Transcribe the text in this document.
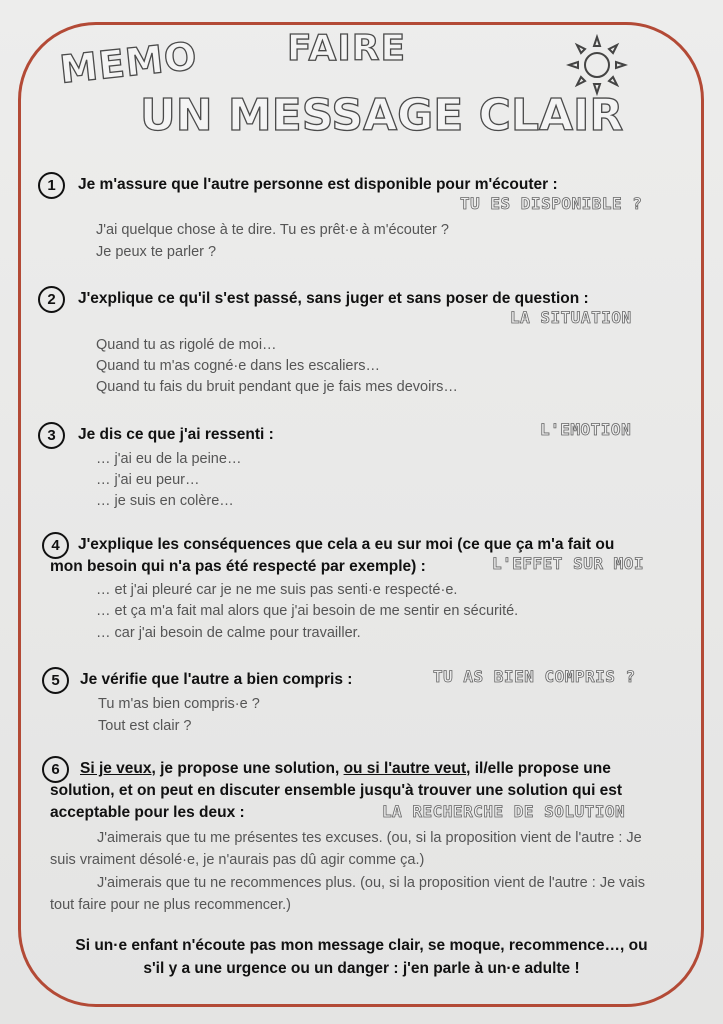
MEMO FAIRE
UN MESSAGE CLAIR
1	Je m'assure que l'autre personne est disponible pour m'écouter :
TU ES DISPONIBLE ?
J'ai quelque chose à te dire. Tu es prêt·e à m'écouter ?
Je peux te parler ?
2	J'explique ce qu'il s'est passé, sans juger et sans poser de question :
LA SITUATION
Quand tu as rigolé de moi…
Quand tu m'as cogné·e dans les escaliers…
Quand tu fais du bruit pendant que je fais mes devoirs…
3	Je dis ce que j'ai ressenti :	L'EMOTION
… j'ai eu de la peine…
… j'ai eu peur…
… je suis en colère…
4	J'explique les conséquences que cela a eu sur moi (ce que ça m'a fait ou
mon besoin qui n'a pas été respecté par exemple) :	L'EFFET SUR MOI
… et j'ai pleuré car je ne me suis pas senti·e respecté·e.
… et ça m'a fait mal alors que j'ai besoin de me sentir en sécurité.
… car j'ai besoin de calme pour travailler.
5	Je vérifie que l'autre a bien compris :	TU AS BIEN COMPRIS ?
Tu m'as bien compris·e ?
Tout est clair ?
6	Si je veux, je propose une solution, ou si l'autre veut, il/elle propose une
solution, et on peut en discuter ensemble jusqu'à trouver une solution qui est
acceptable pour les deux :	LA RECHERCHE DE SOLUTION
J'aimerais que tu me présentes tes excuses. (ou, si la proposition vient de l'autre : Je suis vraiment désolé·e, je n'aurais pas dû agir comme ça.)
J'aimerais que tu ne recommences plus. (ou, si la proposition vient de l'autre : Je vais tout faire pour ne plus recommencer.)
Si un·e enfant n'écoute pas mon message clair, se moque, recommence…, ou
s'il y a une urgence ou un danger : j'en parle à un·e adulte !
